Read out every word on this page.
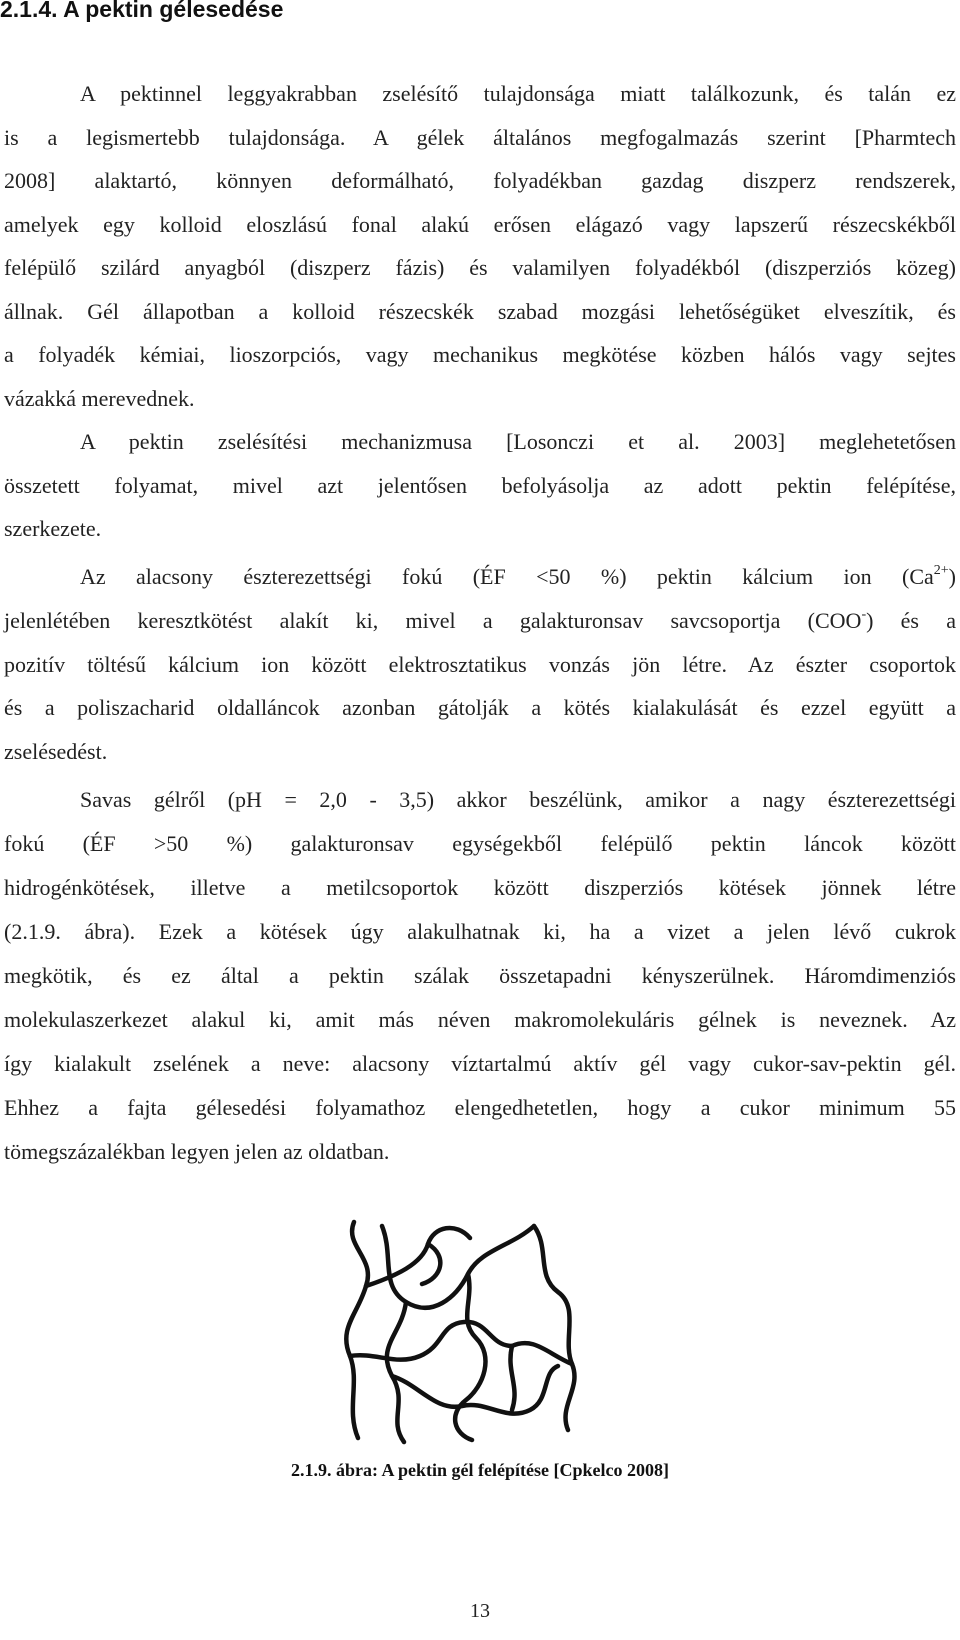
2.1.4. A pektin gélesedése
A pektinnel leggyakrabban zselésítő tulajdonsága miatt találkozunk, és talán ez
is a legismertebb tulajdonsága. A gélek általános megfogalmazás szerint [Pharmtech
2008] alaktartó, könnyen deformálható, folyadékban gazdag diszperz rendszerek,
amelyek egy kolloid eloszlású fonal alakú erősen elágazó vagy lapszerű részecskékből
felépülő szilárd anyagból (diszperz fázis) és valamilyen folyadékból (diszperziós közeg)
állnak. Gél állapotban a kolloid részecskék szabad mozgási lehetőségüket elveszítik, és
a folyadék kémiai, lioszorpciós, vagy mechanikus megkötése közben hálós vagy sejtes
vázakká merevednek.
A pektin zselésítési mechanizmusa [Losonczi et al. 2003] meglehetetősen
összetett folyamat, mivel azt jelentősen befolyásolja az adott pektin felépítése,
szerkezete.
Az alacsony észterezettségi fokú (ÉF <50 %) pektin kálcium ion $(Ca^{2+})$
jelenlétében keresztkötést alakít ki, mivel a galakturonsav savcsoportja (COO-) és a
pozitív töltésű kálcium ion között elektrosztatikus vonzás jön létre. Az észter csoportok
és a poliszacharid oldalláncok azonban gátolják a kötés kialakulását és ezzel együtt a
zselésedést.
Savas gélről (pH = 2,0 - 3,5) akkor beszélünk, amikor a nagy észterezettségi
fokú (ÉF >50 %) galakturonsav egységekből felépülő pektin láncok között
hidrogénkötések, illetve a metilcsoportok között diszperziós kötések jönnek létre
(2.1.9. ábra). Ezek a kötések úgy alakulhatnak ki, ha a vizet a jelen lévő cukrok
megkötik, és ez által a pektin szálak összetapadni kényszerülnek. Háromdimenziós
molekulaszerkezet alakul ki, amit más néven makromolekuláris gélnek is neveznek. Az
így kialakult zselének a neve: alacsony víztartalmú aktív gél vagy cukor-sav-pektin gél.
Ehhez a fajta gélesedési folyamathoz elengedhetetlen, hogy a cukor minimum 55
tömegszázalékban legyen jelen az oldatban.
2.1.9. ábra: A pektin gél felépítése [Cpkelco 2008]
13
